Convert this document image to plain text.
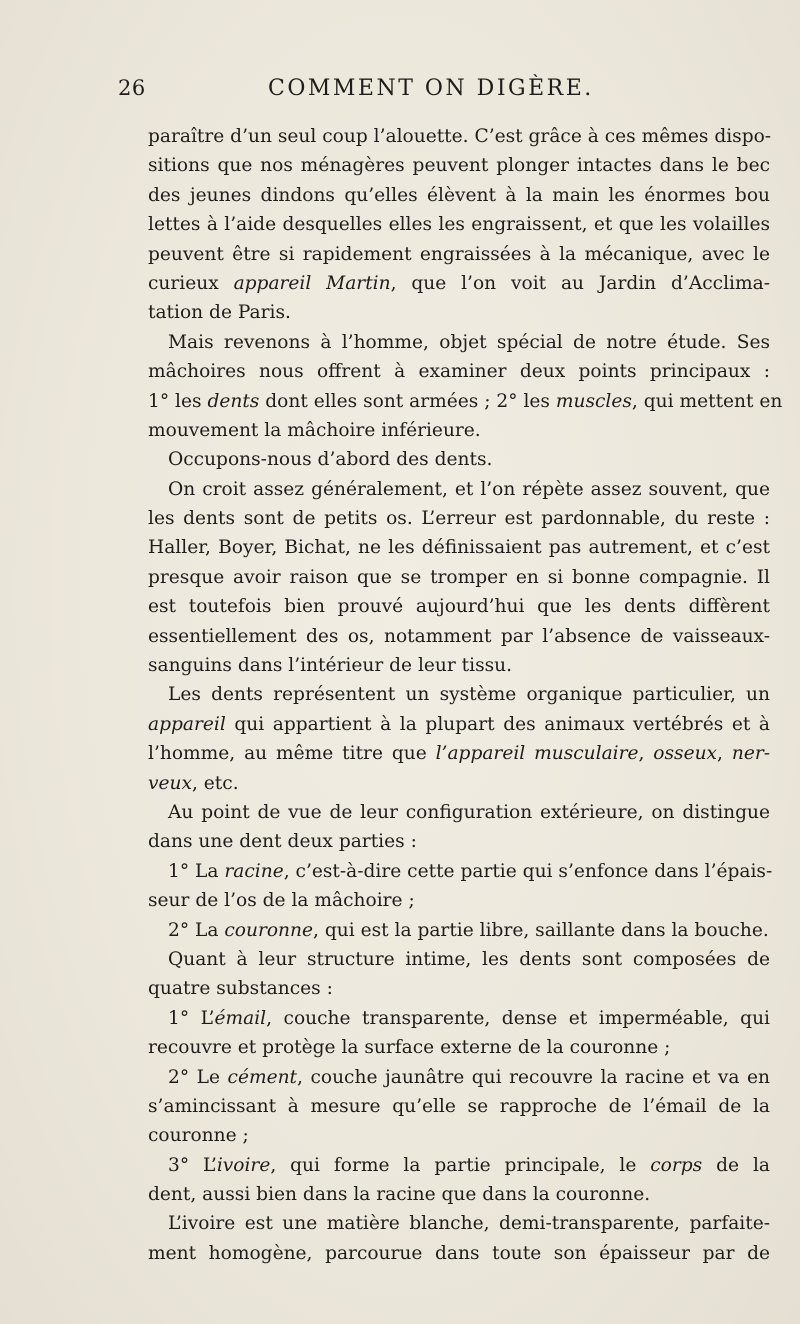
26	COMMENT ON DIGÈRE.
paraître d’un seul coup l’alouette. C’est grâce à ces mêmes dispo-
sitions que nos ménagères peuvent plonger intactes dans le bec
des jeunes dindons qu’elles élèvent à la main les énormes bou
lettes à l’aide desquelles elles les engraissent, et que les volailles
peuvent être si rapidement engraissées à la mécanique, avec le
curieux appareil Martin, que l’on voit au Jardin d’Acclima-
tation de Paris.
Mais revenons à l’homme, objet spécial de notre étude. Ses
mâchoires nous offrent à examiner deux points principaux :
1° les dents dont elles sont armées ; 2° les muscles, qui mettent en
mouvement la mâchoire inférieure.
Occupons-nous d’abord des dents.
On croit assez généralement, et l’on répète assez souvent, que
les dents sont de petits os. L’erreur est pardonnable, du reste :
Haller, Boyer, Bichat, ne les définissaient pas autrement, et c’est
presque avoir raison que se tromper en si bonne compagnie. Il
est toutefois bien prouvé aujourd’hui que les dents diffèrent
essentiellement des os, notamment par l’absence de vaisseaux-
sanguins dans l’intérieur de leur tissu.
Les dents représentent un système organique particulier, un
appareil qui appartient à la plupart des animaux vertébrés et à
l’homme, au même titre que l’appareil musculaire, osseux, ner-
veux, etc.
Au point de vue de leur configuration extérieure, on distingue
dans une dent deux parties :
1° La racine, c’est-à-dire cette partie qui s’enfonce dans l’épais-
seur de l’os de la mâchoire ;
2° La couronne, qui est la partie libre, saillante dans la bouche.
Quant à leur structure intime, les dents sont composées de
quatre substances :
1° L’émail, couche transparente, dense et imperméable, qui
recouvre et protège la surface externe de la couronne ;
2° Le cément, couche jaunâtre qui recouvre la racine et va en
s’amincissant à mesure qu’elle se rapproche de l’émail de la
couronne ;
3° L’ivoire, qui forme la partie principale, le corps de la
dent, aussi bien dans la racine que dans la couronne.
L’ivoire est une matière blanche, demi-transparente, parfaite-
ment homogène, parcourue dans toute son épaisseur par de
